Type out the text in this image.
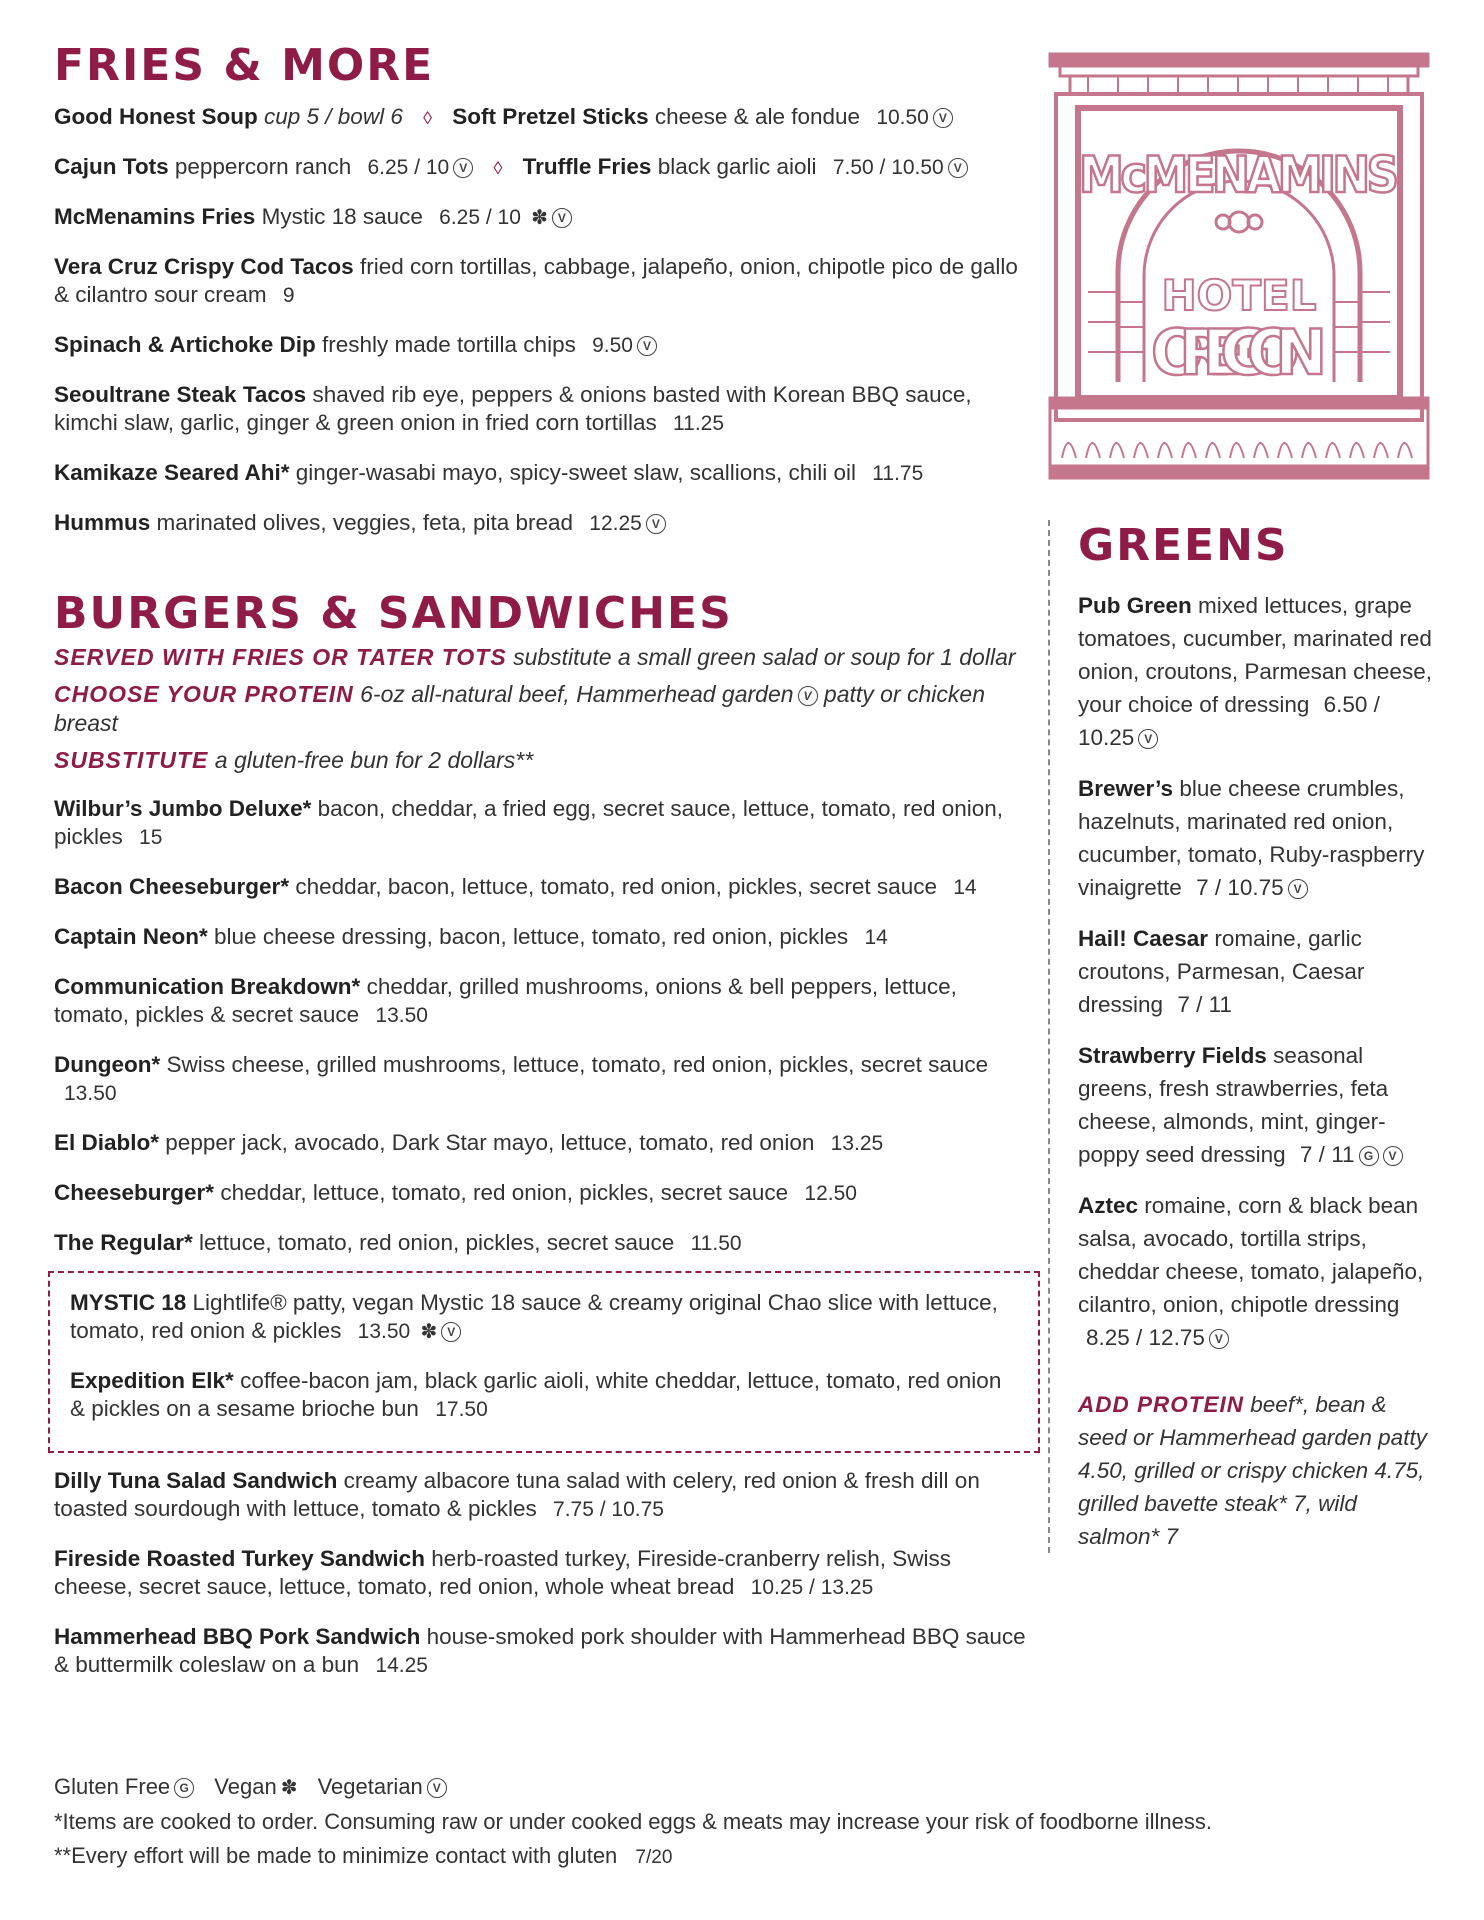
FRIES & MORE
Good Honest Soup cup 5 / bowl 6 ◊ Soft Pretzel Sticks cheese & ale fondue 10.50 V
Cajun Tots peppercorn ranch 6.25 / 10 V ◊ Truffle Fries black garlic aioli 7.50 / 10.50 V
McMenamins Fries Mystic 18 sauce 6.25 / 10 ✽ V
Vera Cruz Crispy Cod Tacos fried corn tortillas, cabbage, jalapeño, onion, chipotle pico de gallo & cilantro sour cream 9
Spinach & Artichoke Dip freshly made tortilla chips 9.50 V
Seoultrane Steak Tacos shaved rib eye, peppers & onions basted with Korean BBQ sauce, kimchi slaw, garlic, ginger & green onion in fried corn tortillas 11.25
Kamikaze Seared Ahi* ginger-wasabi mayo, spicy-sweet slaw, scallions, chili oil 11.75
Hummus marinated olives, veggies, feta, pita bread 12.25 V
BURGERS & SANDWICHES
SERVED WITH FRIES OR TATER TOTS substitute a small green salad or soup for 1 dollar
CHOOSE YOUR PROTEIN 6-oz all-natural beef, Hammerhead garden V patty or chicken breast
SUBSTITUTE a gluten-free bun for 2 dollars**
Wilbur’s Jumbo Deluxe* bacon, cheddar, a fried egg, secret sauce, lettuce, tomato, red onion, pickles 15
Bacon Cheeseburger* cheddar, bacon, lettuce, tomato, red onion, pickles, secret sauce 14
Captain Neon* blue cheese dressing, bacon, lettuce, tomato, red onion, pickles 14
Communication Breakdown* cheddar, grilled mushrooms, onions & bell peppers, lettuce, tomato, pickles & secret sauce 13.50
Dungeon* Swiss cheese, grilled mushrooms, lettuce, tomato, red onion, pickles, secret sauce 13.50
El Diablo* pepper jack, avocado, Dark Star mayo, lettuce, tomato, red onion 13.25
Cheeseburger* cheddar, lettuce, tomato, red onion, pickles, secret sauce 12.50
The Regular* lettuce, tomato, red onion, pickles, secret sauce 11.50
MYSTIC 18 Lightlife® patty, vegan Mystic 18 sauce & creamy original Chao slice with lettuce, tomato, red onion & pickles 13.50 ✽ V
Expedition Elk* coffee-bacon jam, black garlic aioli, white cheddar, lettuce, tomato, red onion & pickles on a sesame brioche bun 17.50
Dilly Tuna Salad Sandwich creamy albacore tuna salad with celery, red onion & fresh dill on toasted sourdough with lettuce, tomato & pickles 7.75 / 10.75
Fireside Roasted Turkey Sandwich herb-roasted turkey, Fireside-cranberry relish, Swiss cheese, secret sauce, lettuce, tomato, red onion, whole wheat bread 10.25 / 13.25
Hammerhead BBQ Pork Sandwich house-smoked pork shoulder with Hammerhead BBQ sauce & buttermilk coleslaw on a bun 14.25
McMENAMINS
HOTEL
OREGON
GREENS
Pub Green mixed lettuces, grape tomatoes, cucumber, marinated red onion, croutons, Parmesan cheese, your choice of dressing 6.50 / 10.25 V
Brewer’s blue cheese crumbles, hazelnuts, marinated red onion, cucumber, tomato, Ruby-raspberry vinaigrette 7 / 10.75 V
Hail! Caesar romaine, garlic croutons, Parmesan, Caesar dressing 7 / 11
Strawberry Fields seasonal greens, fresh strawberries, feta cheese, almonds, mint, ginger-poppy seed dressing 7 / 11 G V
Aztec romaine, corn & black bean salsa, avocado, tortilla strips, cheddar cheese, tomato, jalapeño, cilantro, onion, chipotle dressing 8.25 / 12.75 V
ADD PROTEIN beef*, bean & seed or Hammerhead garden patty 4.50, grilled or crispy chicken 4.75, grilled bavette steak* 7, wild salmon* 7
Gluten Free G Vegan ✽ Vegetarian V
*Items are cooked to order. Consuming raw or under cooked eggs & meats may increase your risk of foodborne illness.
**Every effort will be made to minimize contact with gluten 7/20
